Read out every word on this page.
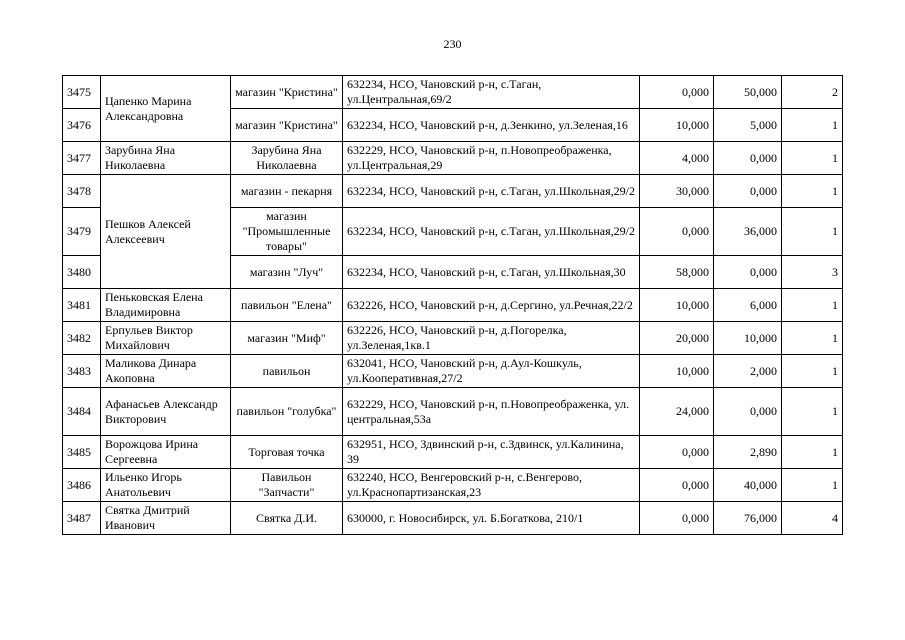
230
3475	Цапенко Марина Александровна	магазин "Кристина"	632234, НСО, Чановский р-н, с.Таган, ул.Центральная,69/2	0,000	50,000	2
3476		магазин "Кристина"	632234, НСО, Чановский р-н, д.Зенкино, ул.Зеленая,16	10,000	5,000	1
3477	Зарубина Яна Николаевна	Зарубина Яна Николаевна	632229, НСО, Чановский р-н, п.Новопреображенка, ул.Центральная,29	4,000	0,000	1
3478	Пешков Алексей Алексеевич	магазин - пекарня	632234, НСО, Чановский р-н, с.Таган, ул.Школьная,29/2	30,000	0,000	1
3479		магазин "Промышленные товары"	632234, НСО, Чановский р-н, с.Таган, ул.Школьная,29/2	0,000	36,000	1
3480		магазин "Луч"	632234, НСО, Чановский р-н, с.Таган, ул.Школьная,30	58,000	0,000	3
3481	Пеньковская Елена Владимировна	павильон "Елена"	632226, НСО, Чановский р-н, д.Сергино, ул.Речная,22/2	10,000	6,000	1
3482	Ерпульев Виктор Михайлович	магазин "Миф"	632226, НСО, Чановский р-н, д.Погорелка, ул.Зеленая,1кв.1	20,000	10,000	1
3483	Маликова Динара Акоповна	павильон	632041, НСО, Чановский р-н, д.Аул-Кошкуль, ул.Кооперативная,27/2	10,000	2,000	1
3484	Афанасьев Александр Викторович	павильон "голубка"	632229, НСО, Чановский р-н, п.Новопреображенка, ул. центральная,53а	24,000	0,000	1
3485	Ворожцова Ирина Сергеевна	Торговая точка	632951, НСО, Здвинский р-н, с.Здвинск, ул.Калинина, 39	0,000	2,890	1
3486	Ильенко Игорь Анатольевич	Павильон "Запчасти"	632240, НСО, Венгеровский р-н, с.Венгерово, ул.Краснопартизанская,23	0,000	40,000	1
3487	Святка Дмитрий Иванович	Святка Д.И.	630000, г. Новосибирск, ул. Б.Богаткова, 210/1	0,000	76,000	4
